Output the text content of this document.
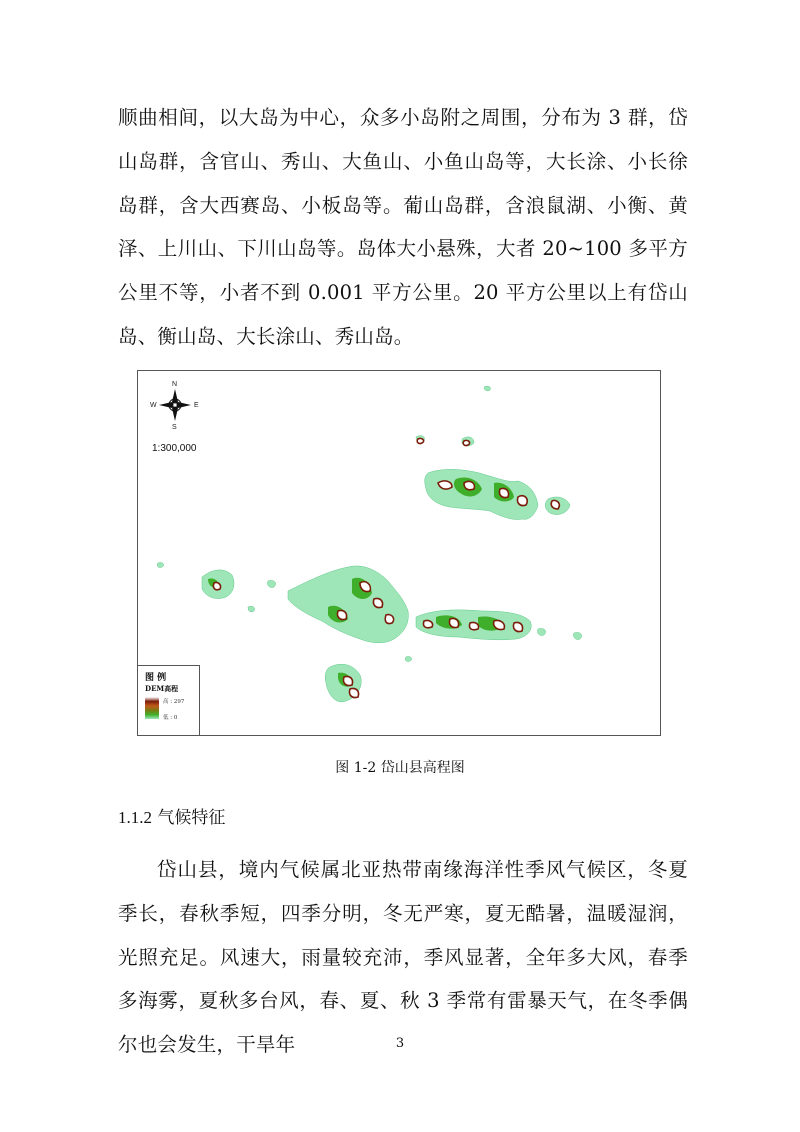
顺曲相间，以大岛为中心，众多小岛附之周围，分布为 3 群，岱山岛群，含官山、秀山、大鱼山、小鱼山岛等，大长涂、小长徐岛群，含大西赛岛、小板岛等。葡山岛群，含浪鼠湖、小衡、黄泽、上川山、下川山岛等。岛体大小悬殊，大者 20~100 多平方公里不等，小者不到 0.001 平方公里。20 平方公里以上有岱山岛、衡山岛、大长涂山、秀山岛。

N
S
E
W
1:300,000
图 例
DEM高程
高 : 297
低 : 0
图 1-2 岱山县高程图
1.1.2 气候特征

岱山县，境内气候属北亚热带南缘海洋性季风气候区，冬夏季长，春秋季短，四季分明，冬无严寒，夏无酷暑，温暖湿润，光照充足。风速大，雨量较充沛，季风显著，全年多大风，春季多海雾，夏秋多台风，春、夏、秋 3 季常有雷暴天气，在冬季偶尔也会发生，干旱年	3
